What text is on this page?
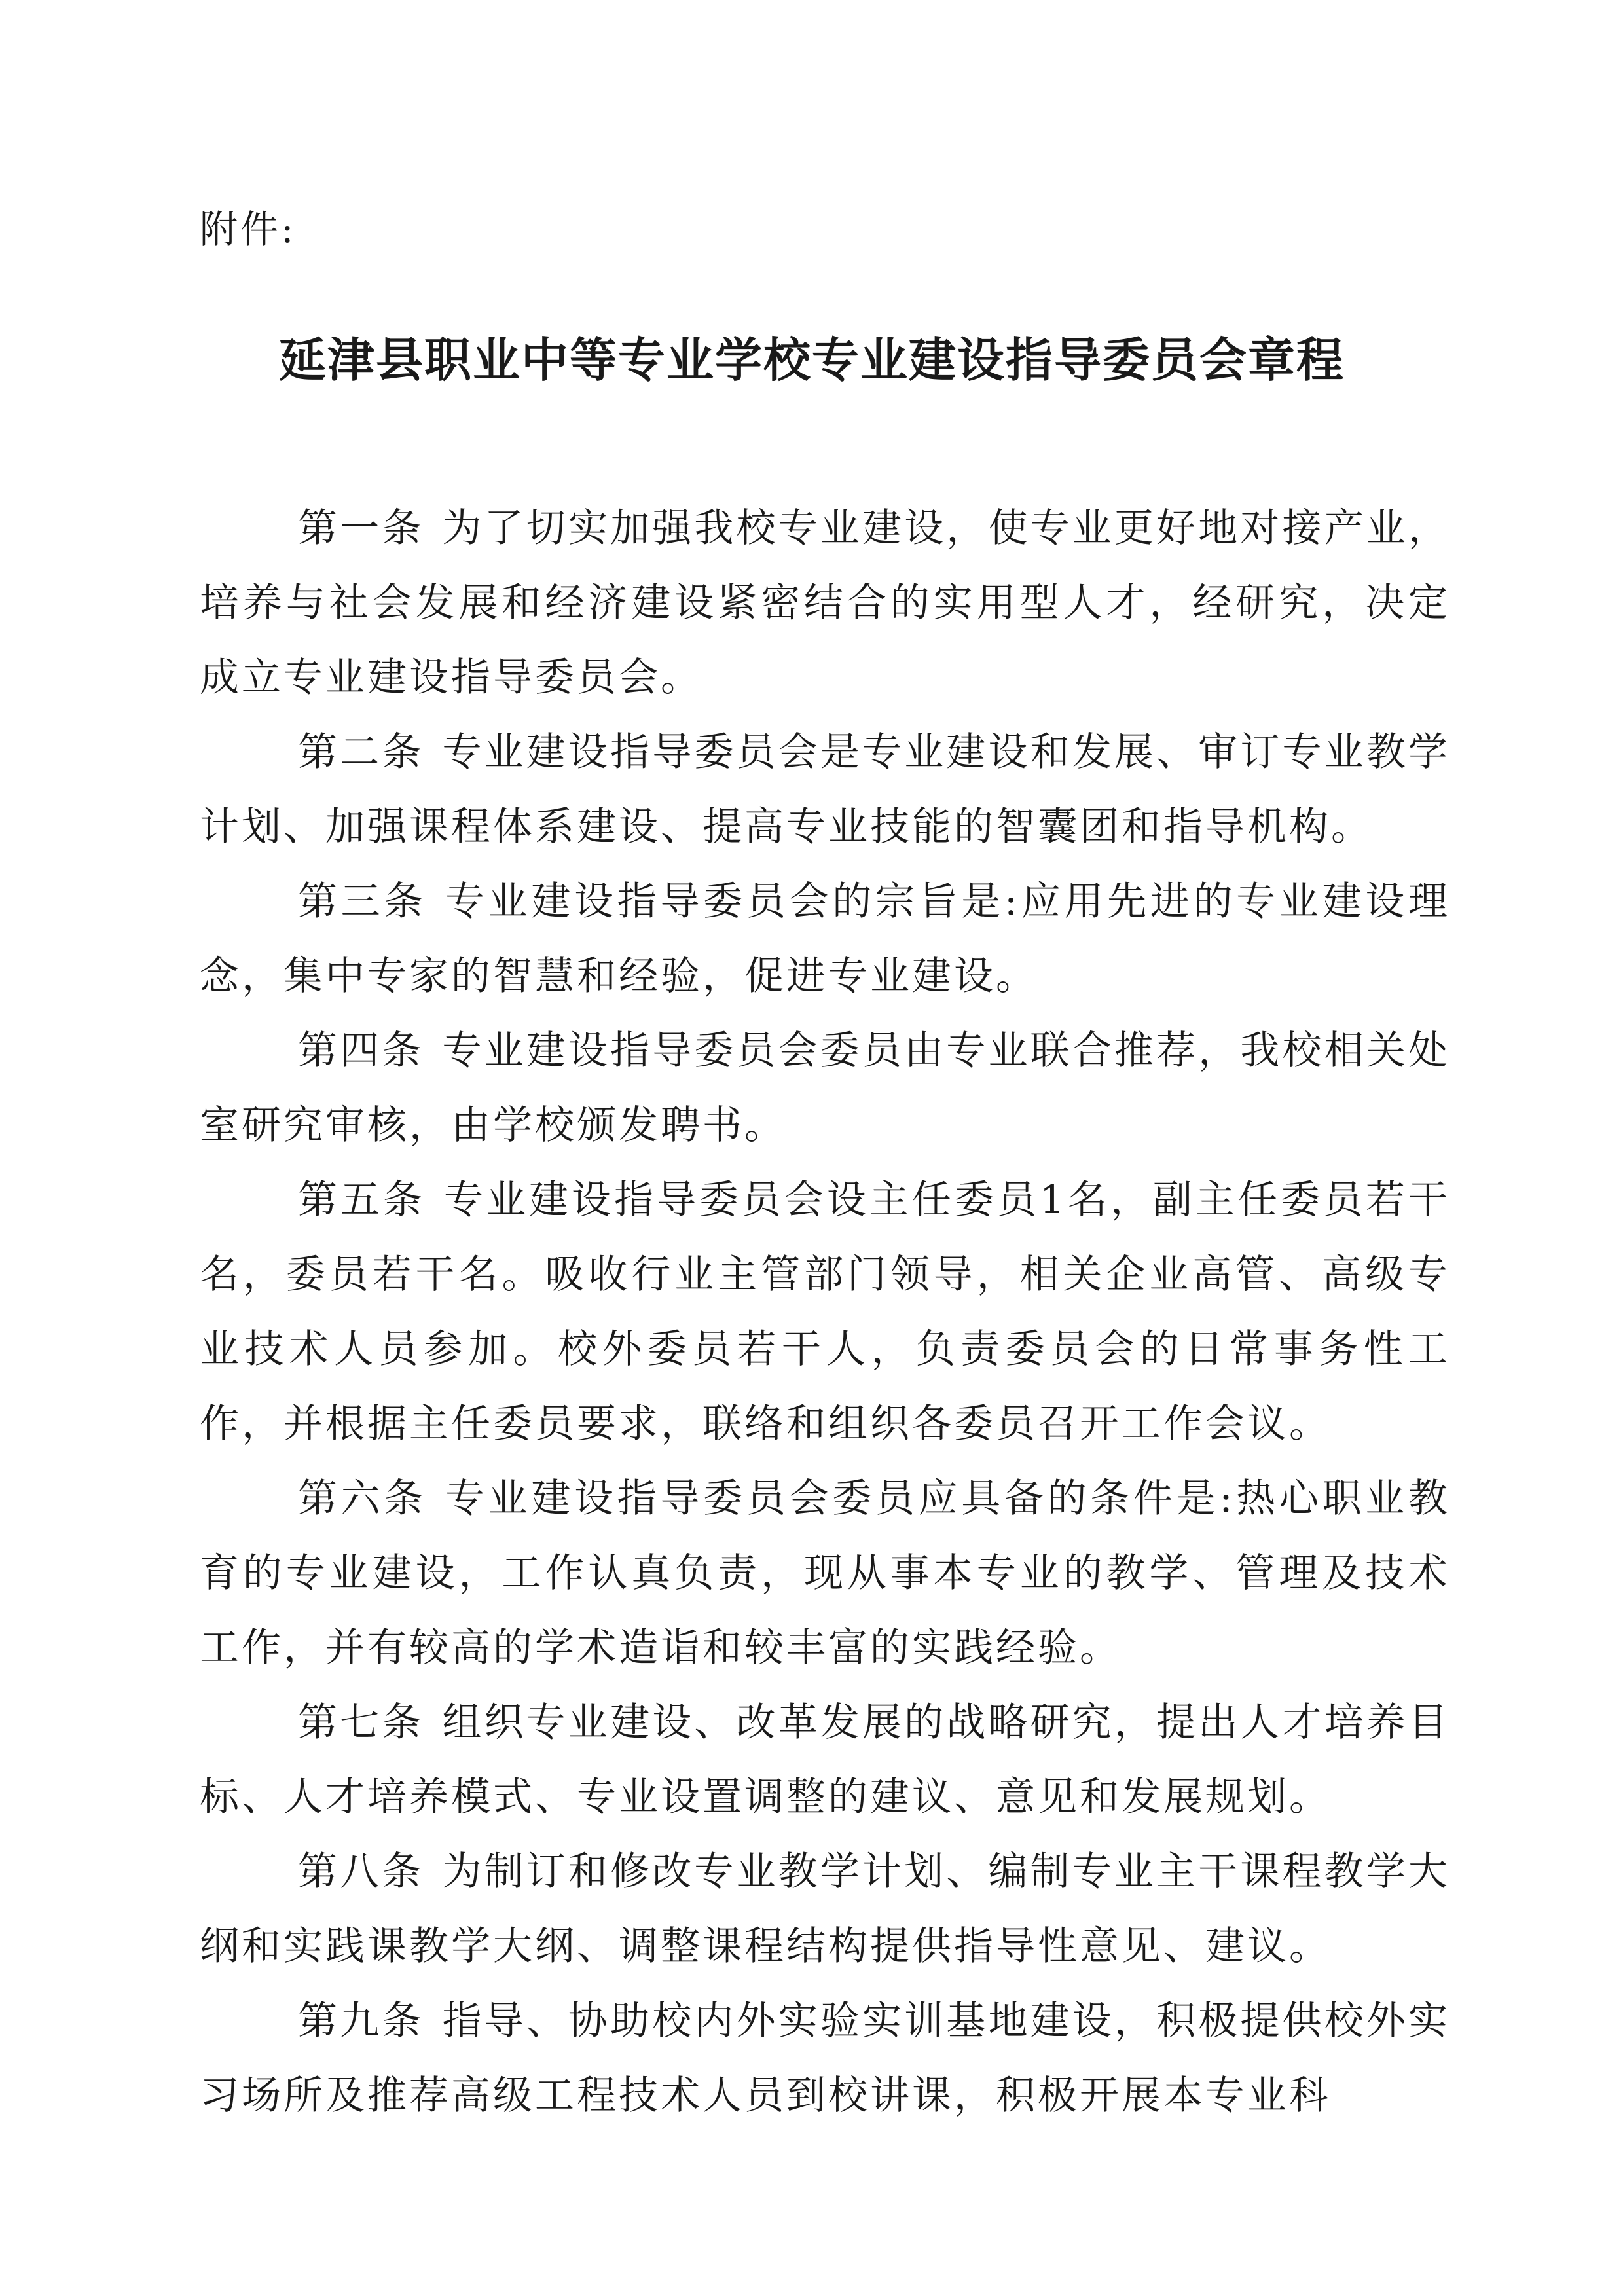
附件:
延津县职业中等专业学校专业建设指导委员会章程

第一条 为了切实加强我校专业建设，使专业更好地对接产业，培养与社会发展和经济建设紧密结合的实用型人才，经研究，决定成立专业建设指导委员会。

第二条 专业建设指导委员会是专业建设和发展、审订专业教学计划、加强课程体系建设、提高专业技能的智囊团和指导机构。

第三条 专业建设指导委员会的宗旨是:应用先进的专业建设理念，集中专家的智慧和经验，促进专业建设。

第四条 专业建设指导委员会委员由专业联合推荐，我校相关处室研究审核，由学校颁发聘书。

第五条 专业建设指导委员会设主任委员1名，副主任委员若干名，委员若干名。吸收行业主管部门领导，相关企业高管、高级专业技术人员参加。校外委员若干人，负责委员会的日常事务性工作，并根据主任委员要求，联络和组织各委员召开工作会议。

第六条 专业建设指导委员会委员应具备的条件是:热心职业教育的专业建设，工作认真负责，现从事本专业的教学、管理及技术工作，并有较高的学术造诣和较丰富的实践经验。

第七条 组织专业建设、改革发展的战略研究，提出人才培养目标、人才培养模式、专业设置调整的建议、意见和发展规划。

第八条 为制订和修改专业教学计划、编制专业主干课程教学大纲和实践课教学大纲、调整课程结构提供指导性意见、建议。

第九条 指导、协助校内外实验实训基地建设，积极提供校外实习场所及推荐高级工程技术人员到校讲课，积极开展本专业科
